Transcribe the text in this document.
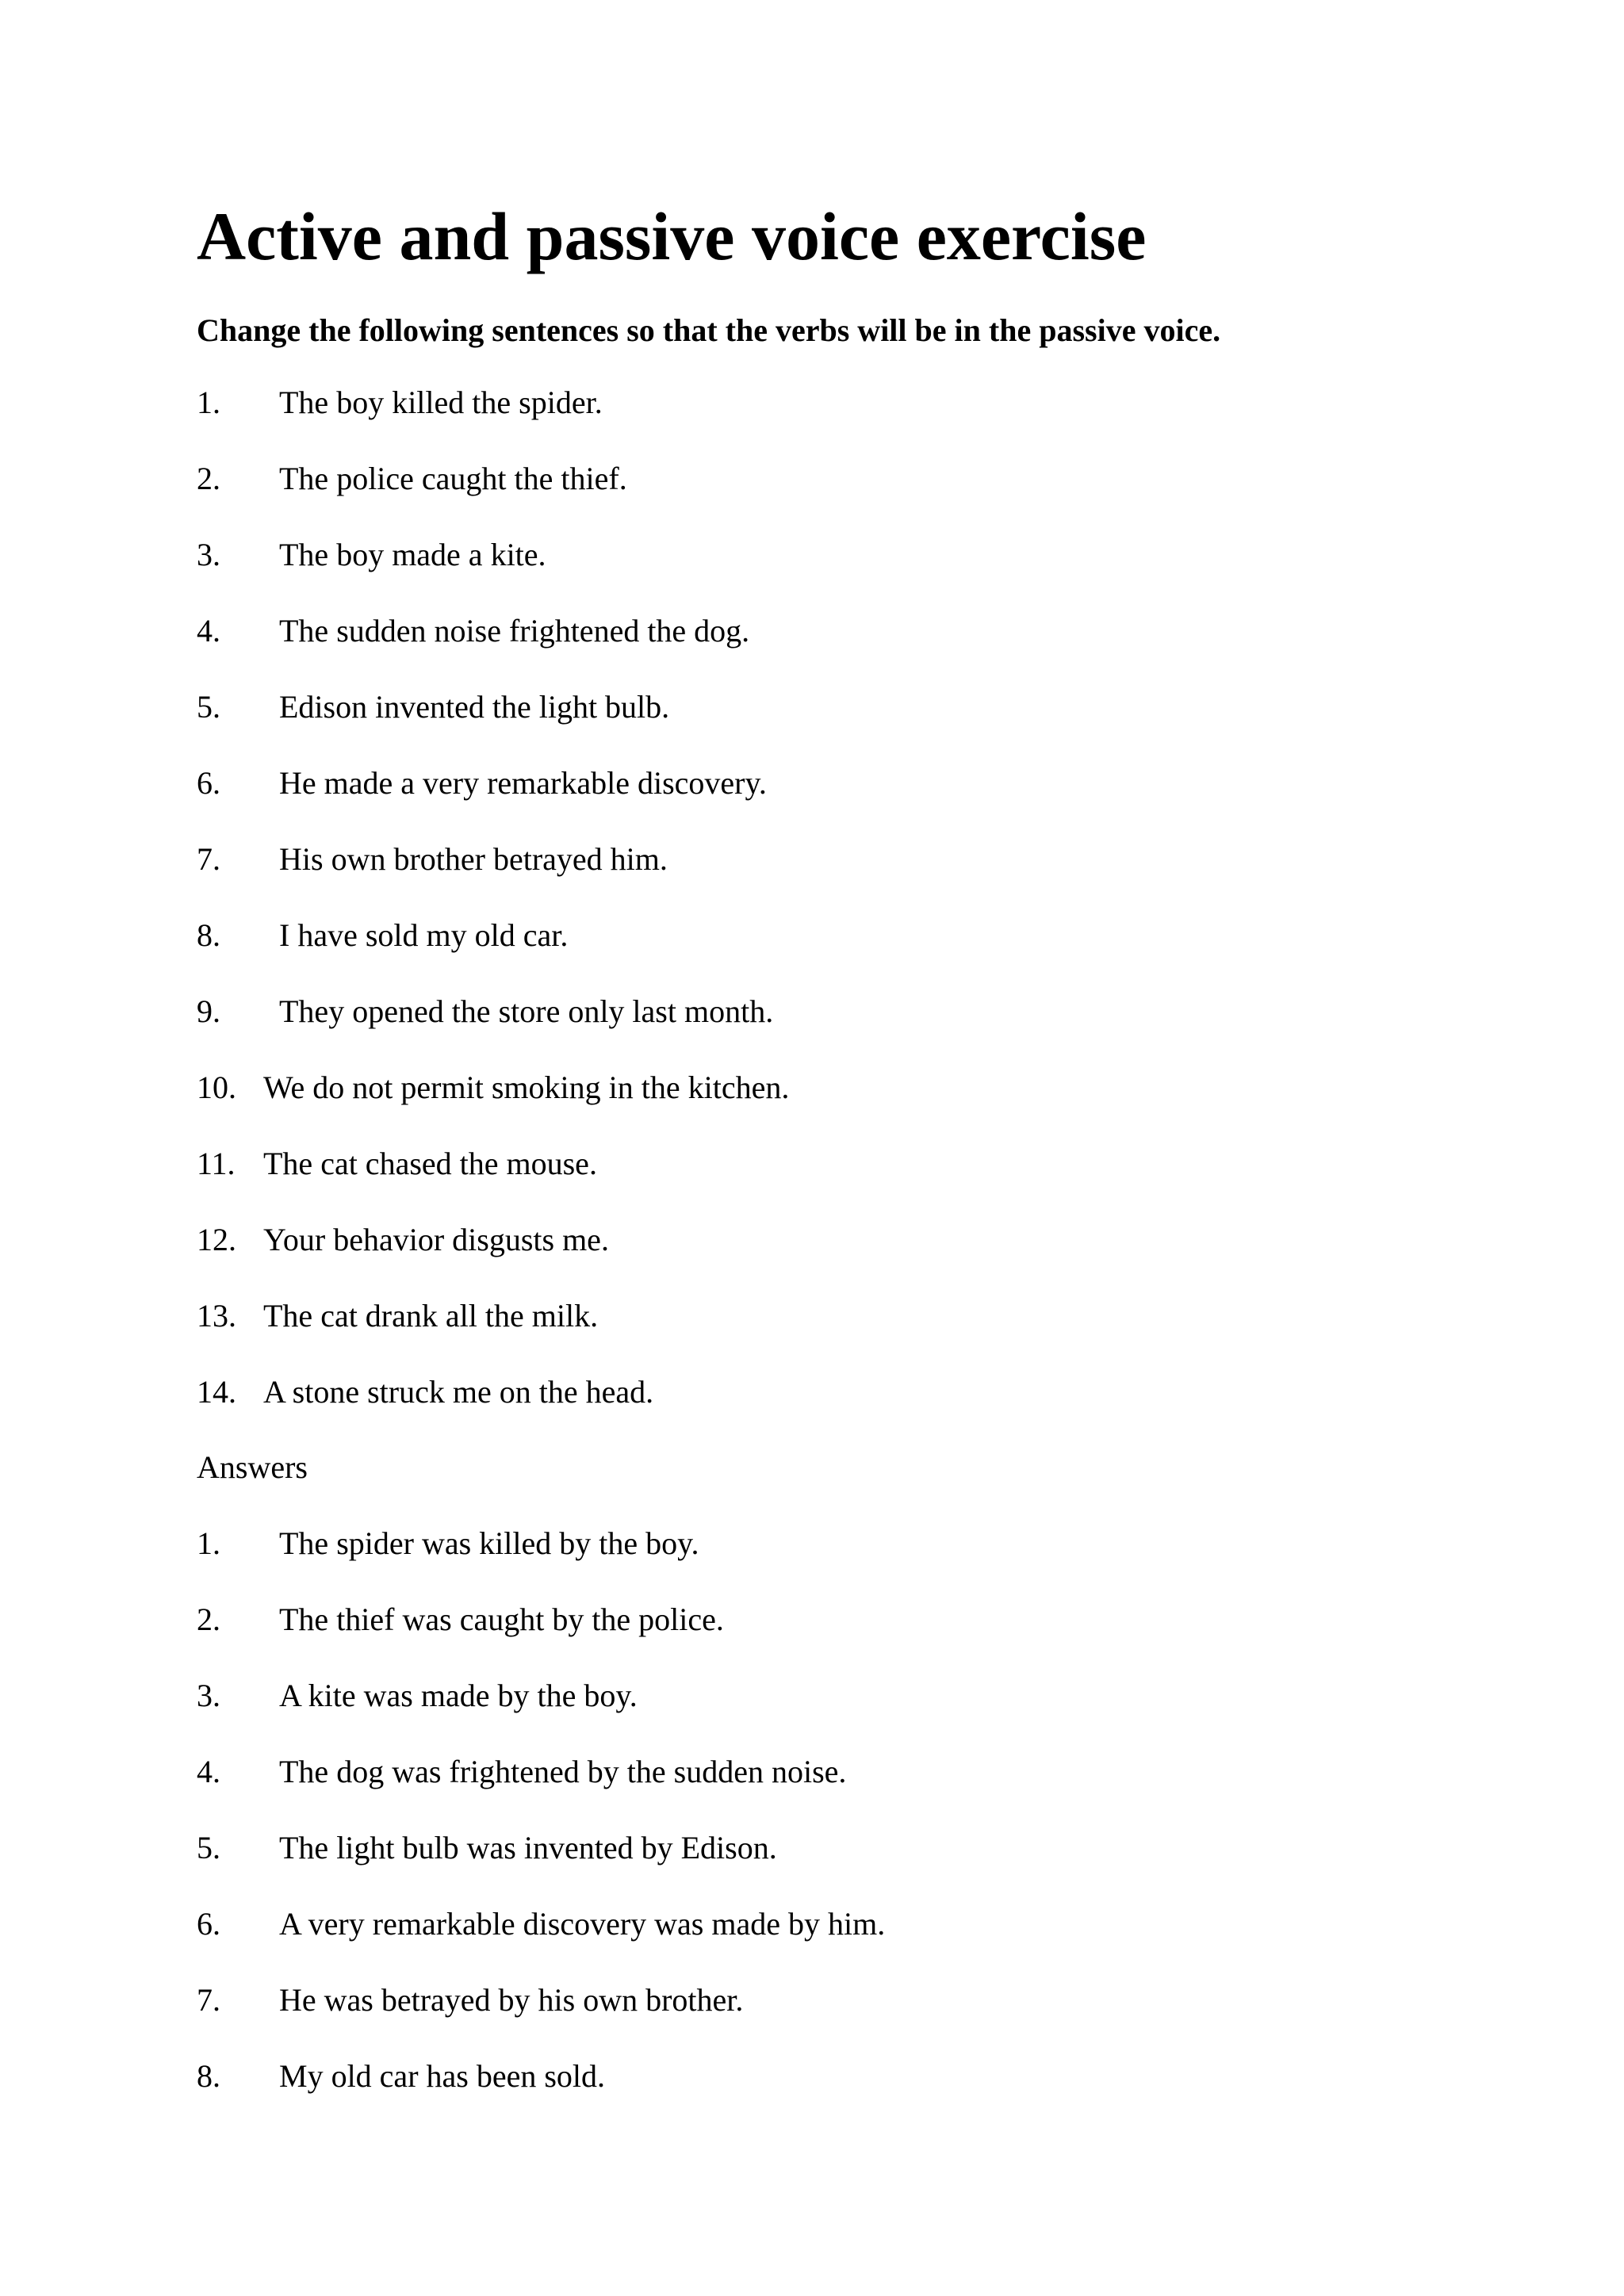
Active and passive voice exercise

Change the following sentences so that the verbs will be in the passive voice.

1. The boy killed the spider.
2. The police caught the thief.
3. The boy made a kite.
4. The sudden noise frightened the dog.
5. Edison invented the light bulb.
6. He made a very remarkable discovery.
7. His own brother betrayed him.
8. I have sold my old car.
9. They opened the store only last month.
10. We do not permit smoking in the kitchen.
11. The cat chased the mouse.
12. Your behavior disgusts me.
13. The cat drank all the milk.
14. A stone struck me on the head.
Answers
1. The spider was killed by the boy.
2. The thief was caught by the police.
3. A kite was made by the boy.
4. The dog was frightened by the sudden noise.
5. The light bulb was invented by Edison.
6. A very remarkable discovery was made by him.
7. He was betrayed by his own brother.
8. My old car has been sold.
